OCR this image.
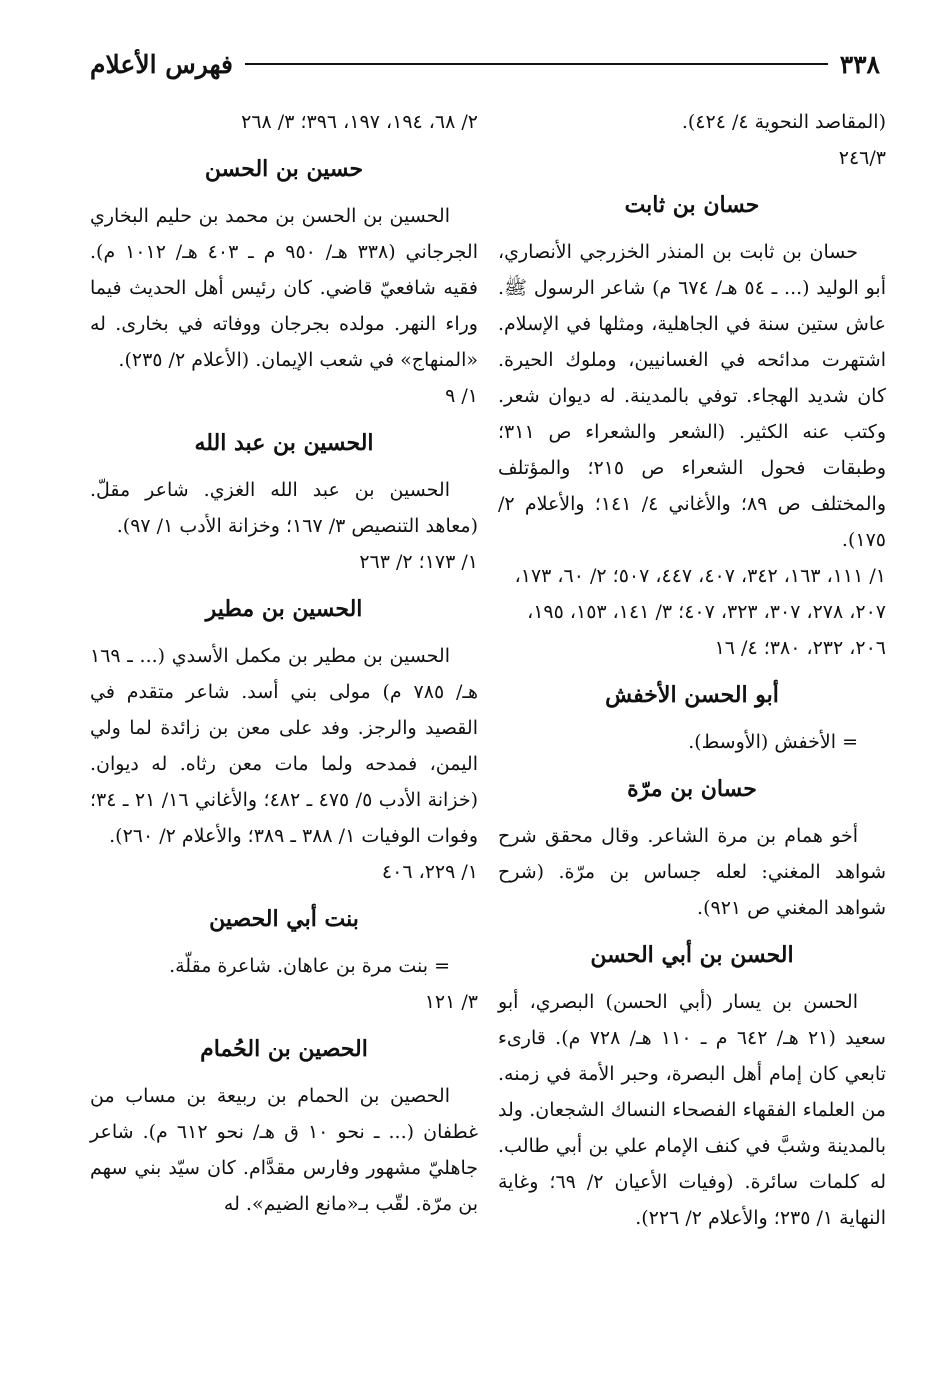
٣٣٨
فهرس الأعلام

(المقاصد النحوية ٤/ ٤٢٤).

٢٤٦/٣

حسان بن ثابت

حسان بن ثابت بن المنذر الخزرجي الأنصاري، أبو الوليد (... ـ ٥٤ هـ/ ٦٧٤ م) شاعر الرسول ﷺ. عاش ستين سنة في الجاهلية، ومثلها في الإسلام. اشتهرت مدائحه في الغسانيين، وملوك الحيرة. كان شديد الهجاء. توفي بالمدينة. له ديوان شعر. وكتب عنه الكثير. (الشعر والشعراء ص ٣١١؛ وطبقات فحول الشعراء ص ٢١٥؛ والمؤتلف والمختلف ص ٨٩؛ والأغاني ٤/ ١٤١؛ والأعلام ٢/ ١٧٥).

١/ ١١١، ١٦٣، ٣٤٢، ٤٠٧، ٤٤٧، ٥٠٧؛ ٢/ ٦٠، ١٧٣، ٢٠٧، ٢٧٨، ٣٠٧، ٣٢٣، ٤٠٧؛ ٣/ ١٤١، ١٥٣، ١٩٥، ٢٠٦، ٢٣٢، ٣٨٠؛ ٤/ ١٦

أبو الحسن الأخفش

= الأخفش (الأوسط).

حسان بن مرّة

أخو همام بن مرة الشاعر. وقال محقق شرح شواهد المغني: لعله جساس بن مرّة. (شرح شواهد المغني ص ٩٢١).

الحسن بن أبي الحسن

الحسن بن يسار (أبي الحسن) البصري، أبو سعيد (٢١ هـ/ ٦٤٢ م ـ ١١٠ هـ/ ٧٢٨ م). قارىء تابعي كان إمام أهل البصرة، وحبر الأمة في زمنه. من العلماء الفقهاء الفصحاء النساك الشجعان. ولد بالمدينة وشبَّ في كنف الإمام علي بن أبي طالب. له كلمات سائرة. (وفيات الأعيان ٢/ ٦٩؛ وغاية النهاية ١/ ٢٣٥؛ والأعلام ٢/ ٢٢٦).

٢/ ٦٨، ١٩٤، ١٩٧، ٣٩٦؛ ٣/ ٢٦٨

حسين بن الحسن

الحسين بن الحسن بن محمد بن حليم البخاري الجرجاني (٣٣٨ هـ/ ٩٥٠ م ـ ٤٠٣ هـ/ ١٠١٢ م). فقيه شافعيّ قاضي. كان رئيس أهل الحديث فيما وراء النهر. مولده بجرجان ووفاته في بخارى. له «المنهاج» في شعب الإيمان. (الأعلام ٢/ ٢٣٥).

١/ ٩

الحسين بن عبد الله

الحسين بن عبد الله الغزي. شاعر مقلّ. (معاهد التنصيص ٣/ ١٦٧؛ وخزانة الأدب ١/ ٩٧).

١/ ١٧٣؛ ٢/ ٢٦٣

الحسين بن مطير

الحسين بن مطير بن مكمل الأسدي (... ـ ١٦٩ هـ/ ٧٨٥ م) مولى بني أسد. شاعر متقدم في القصيد والرجز. وفد على معن بن زائدة لما ولي اليمن، فمدحه ولما مات معن رثاه. له ديوان. (خزانة الأدب ٥/ ٤٧٥ ـ ٤٨٢؛ والأغاني ١٦/ ٢١ ـ ٣٤؛ وفوات الوفيات ١/ ٣٨٨ ـ ٣٨٩؛ والأعلام ٢/ ٢٦٠).

١/ ٢٢٩، ٤٠٦

بنت أبي الحصين

= بنت مرة بن عاهان. شاعرة مقلّة.

٣/ ١٢١

الحصين بن الحُمام

الحصين بن الحمام بن ربيعة بن مساب من غطفان (... ـ نحو ١٠ ق هـ/ نحو ٦١٢ م). شاعر جاهليّ مشهور وفارس مقدَّام. كان سيّد بني سهم بن مرّة. لقّب بـ«مانع الضيم». له
